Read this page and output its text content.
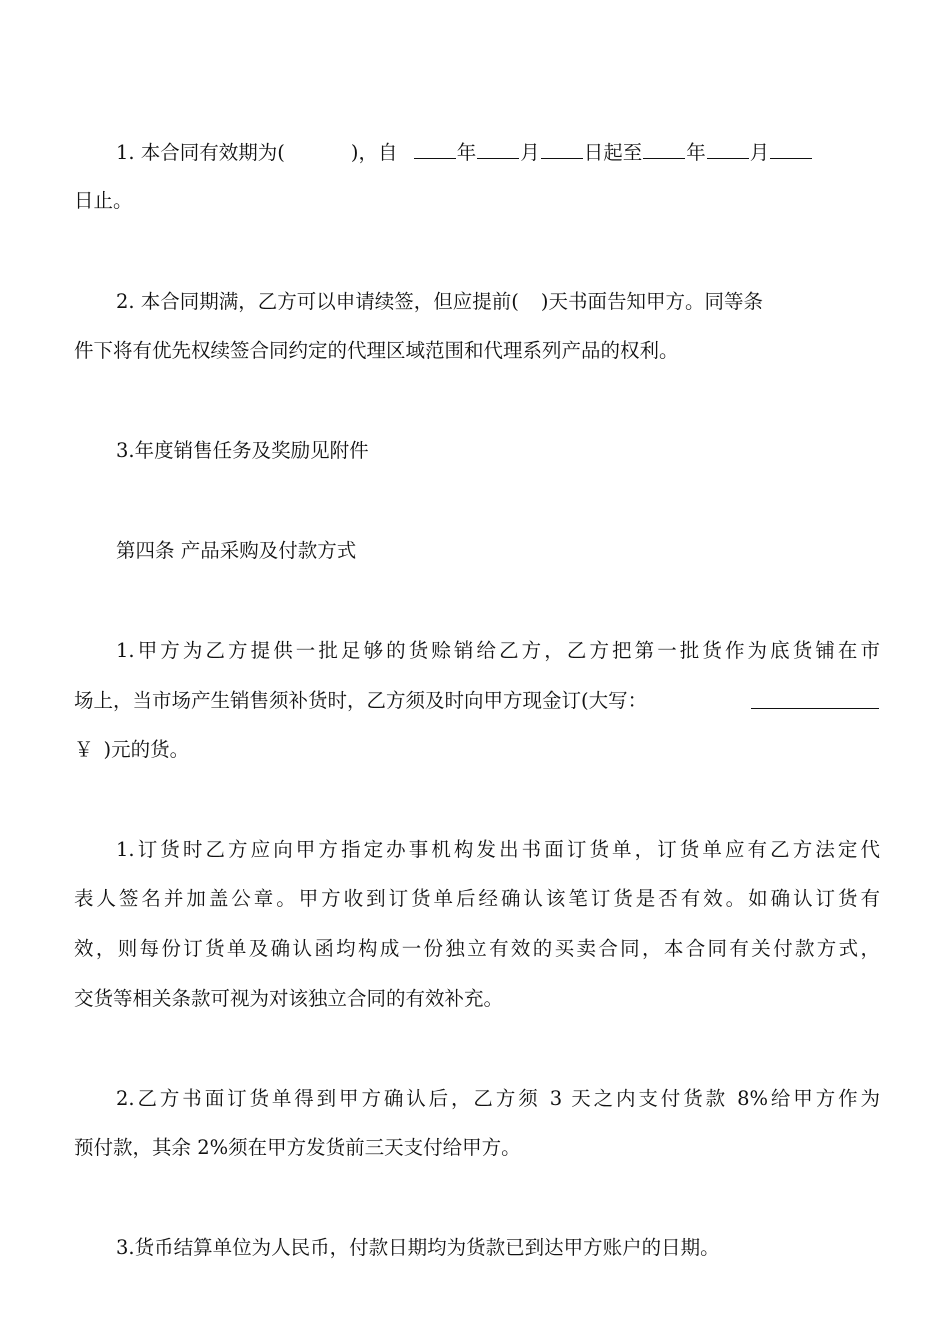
1. 本合同有效期为(	)，自	年 月 日起至 年 月
日止。
2. 本合同期满，乙方可以申请续签，但应提前( )天书面告知甲方。同等条
件下将有优先权续签合同约定的代理区域范围和代理系列产品的权利。
3.年度销售任务及奖励见附件
第四条 产品采购及付款方式
1.甲方为乙方提供一批足够的货赊销给乙方，乙方把第一批货作为底货铺在市
场上，当市场产生销售须补货时，乙方须及时向甲方现金订(大写：
￥ )元的货。
1.订货时乙方应向甲方指定办事机构发出书面订货单，订货单应有乙方法定代
表人签名并加盖公章。甲方收到订货单后经确认该笔订货是否有效。如确认订货有
效，则每份订货单及确认函均构成一份独立有效的买卖合同，本合同有关付款方式，
交货等相关条款可视为对该独立合同的有效补充。
2.乙方书面订货单得到甲方确认后，乙方须 3 天之内支付货款 8%给甲方作为
预付款，其余 2%须在甲方发货前三天支付给甲方。
3.货币结算单位为人民币，付款日期均为货款已到达甲方账户的日期。
